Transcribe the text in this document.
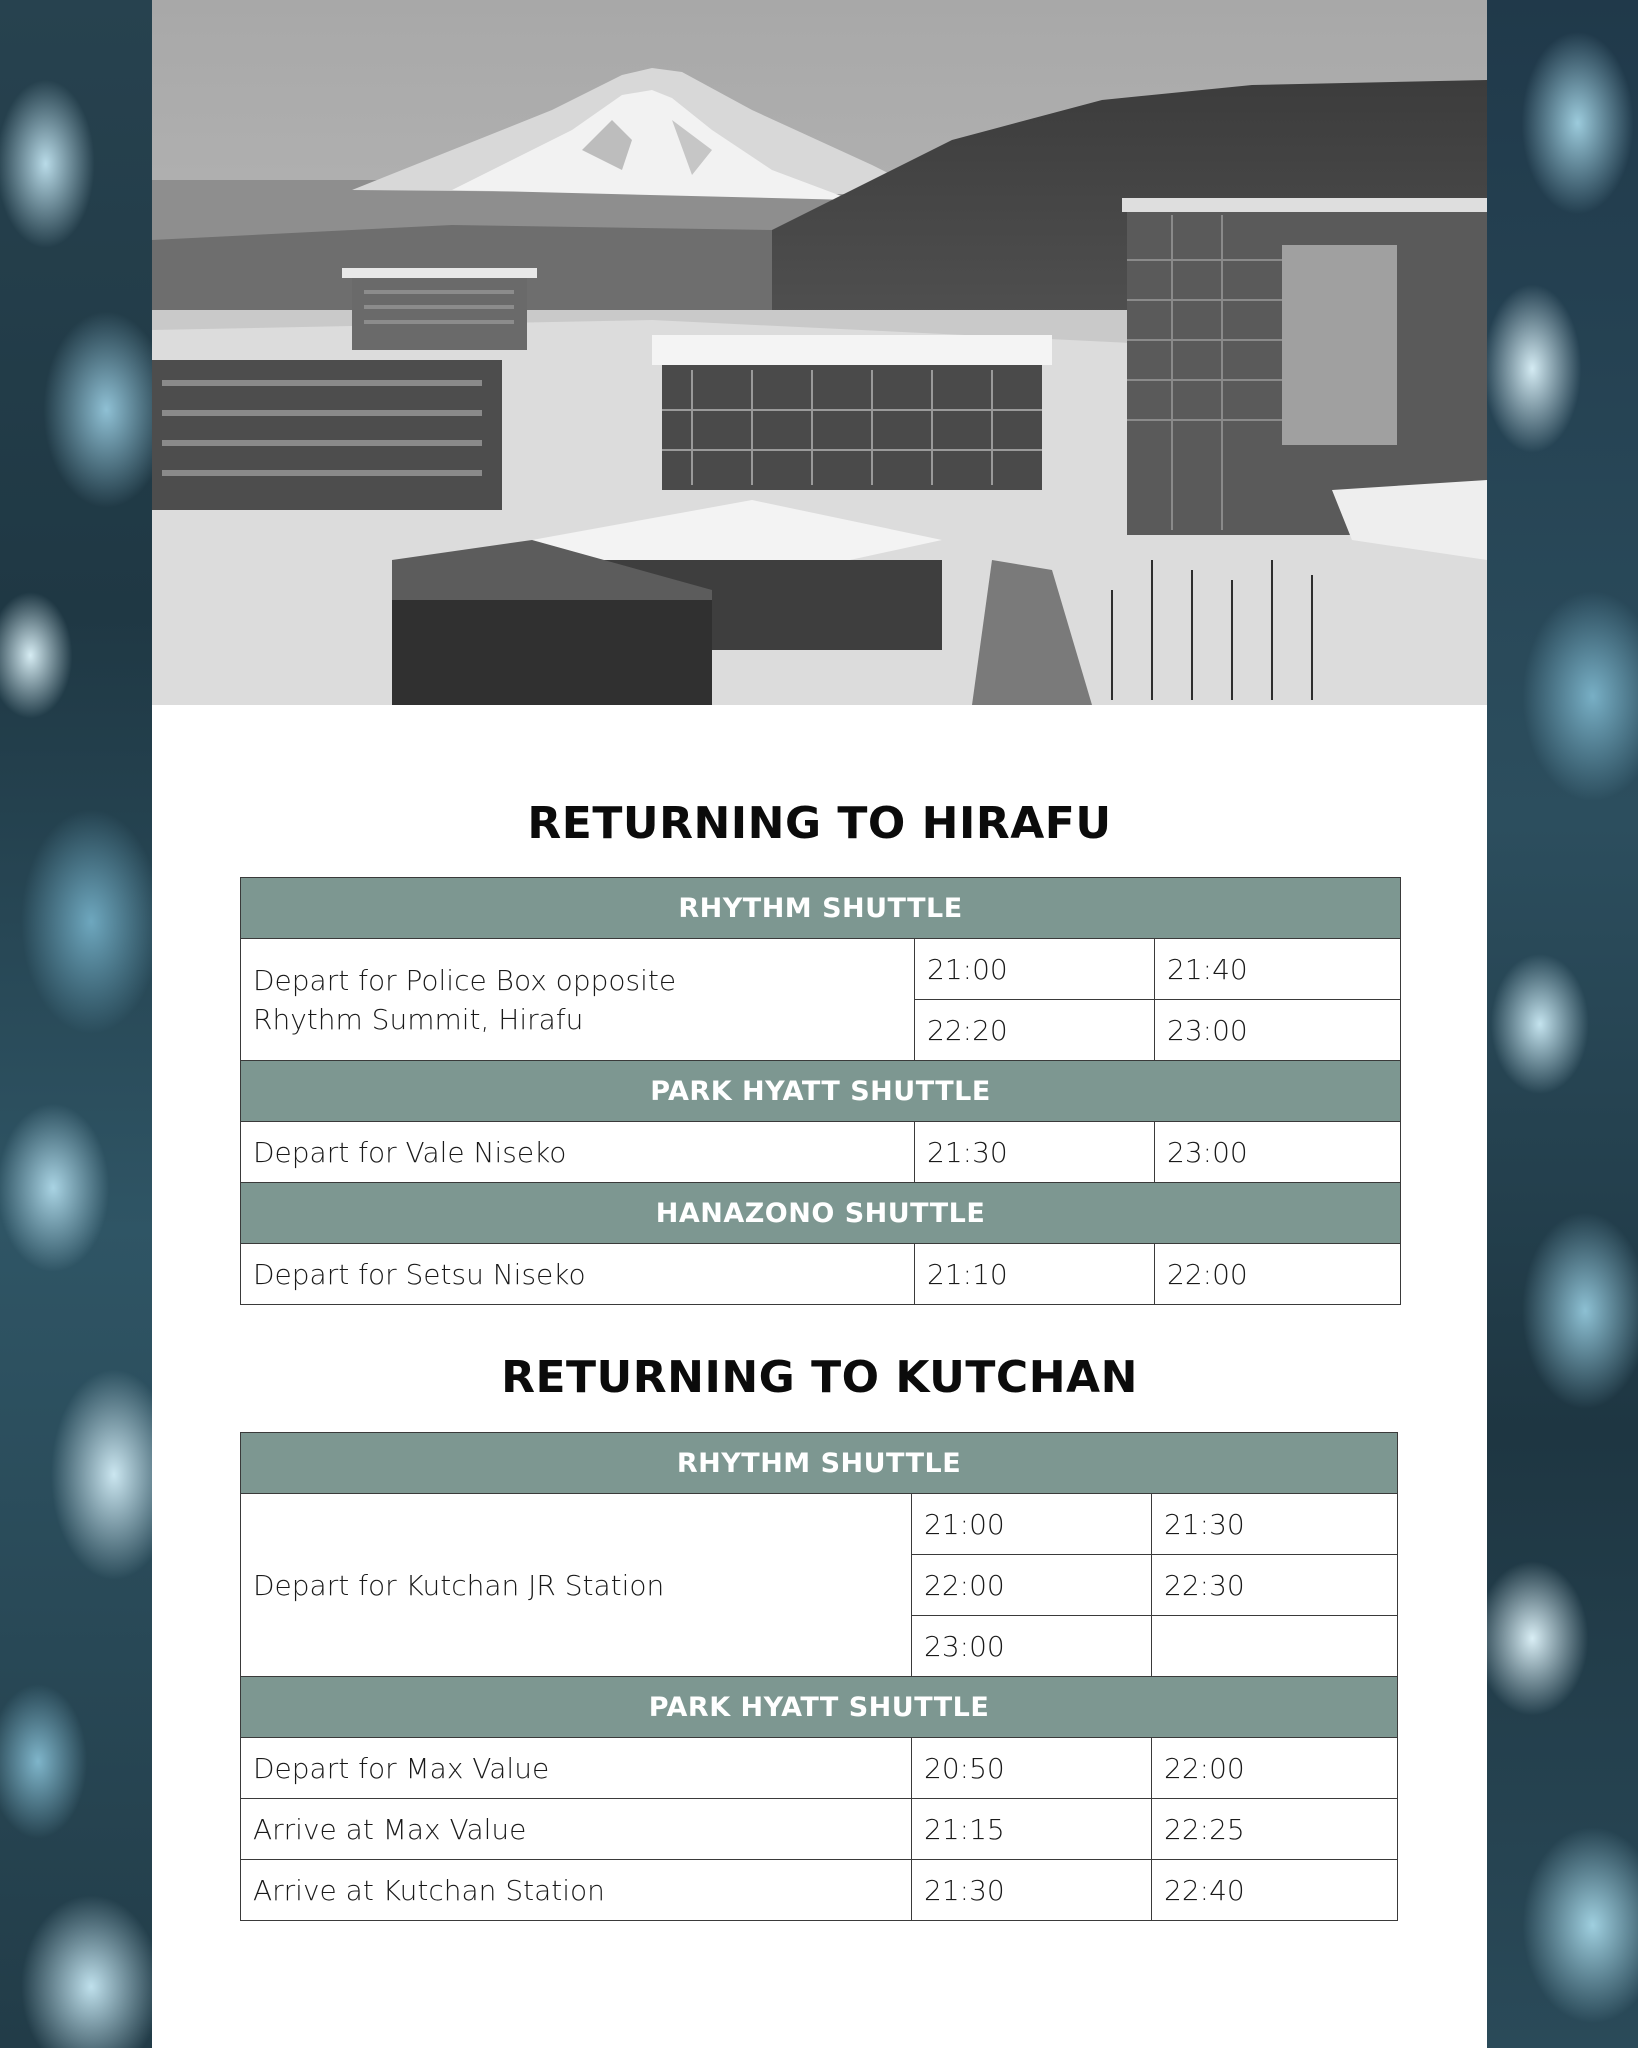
RETURNING TO HIRAFU
RHYTHM SHUTTLE		
Depart for Police Box opposite
Rhythm Summit, Hirafu	21:00	21:40
	22:20	23:00
PARK HYATT SHUTTLE		
Depart for Vale Niseko	21:30	23:00
HANAZONO SHUTTLE		
Depart for Setsu Niseko	21:10	22:00
RETURNING TO KUTCHAN
RHYTHM SHUTTLE		
Depart for Kutchan JR Station	21:00	21:30
	22:00	22:30
	23:00	
PARK HYATT SHUTTLE		
Depart for Max Value	20:50	22:00
Arrive at Max Value	21:15	22:25
Arrive at Kutchan Station	21:30	22:40
